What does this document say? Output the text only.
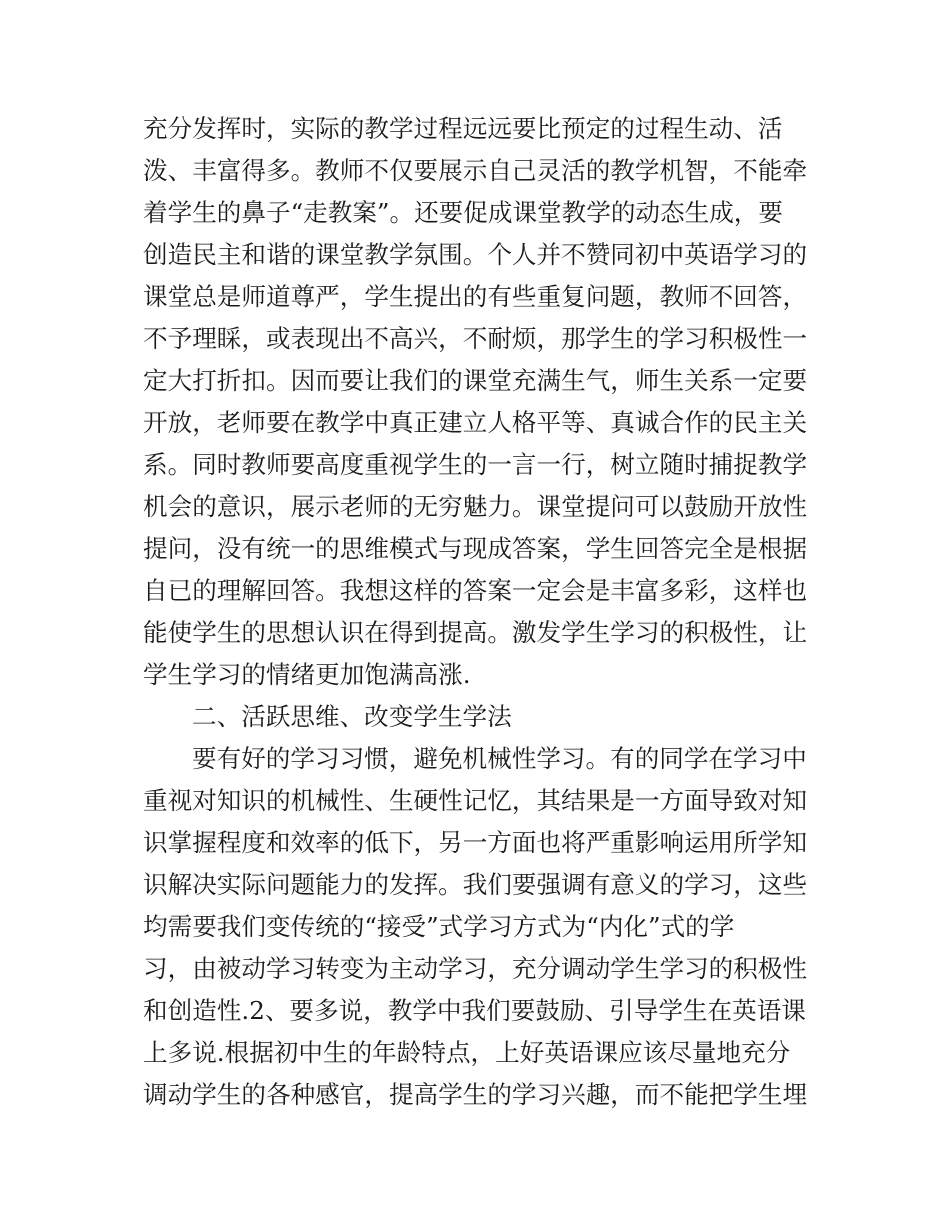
充分发挥时，实际的教学过程远远要比预定的过程生动、活
泼、丰富得多。教师不仅要展示自己灵活的教学机智，不能牵
着学生的鼻子“走教案”。还要促成课堂教学的动态生成，要
创造民主和谐的课堂教学氛围。个人并不赞同初中英语学习的
课堂总是师道尊严，学生提出的有些重复问题，教师不回答，
不予理睬，或表现出不高兴，不耐烦，那学生的学习积极性一
定大打折扣。因而要让我们的课堂充满生气，师生关系一定要
开放，老师要在教学中真正建立人格平等、真诚合作的民主关
系。同时教师要高度重视学生的一言一行，树立随时捕捉教学
机会的意识，展示老师的无穷魅力。课堂提问可以鼓励开放性
提问，没有统一的思维模式与现成答案，学生回答完全是根据
自已的理解回答。我想这样的答案一定会是丰富多彩，这样也
能使学生的思想认识在得到提高。激发学生学习的积极性，让
学生学习的情绪更加饱满高涨.
二、活跃思维、改变学生学法
要有好的学习习惯，避免机械性学习。有的同学在学习中
重视对知识的机械性、生硬性记忆，其结果是一方面导致对知
识掌握程度和效率的低下，另一方面也将严重影响运用所学知
识解决实际问题能力的发挥。我们要强调有意义的学习，这些
均需要我们变传统的“接受”式学习方式为“内化”式的学
习，由被动学习转变为主动学习，充分调动学生学习的积极性
和创造性.2、要多说，教学中我们要鼓励、引导学生在英语课
上多说.根据初中生的年龄特点，上好英语课应该尽量地充分
调动学生的各种感官，提高学生的学习兴趣，而不能把学生埋
